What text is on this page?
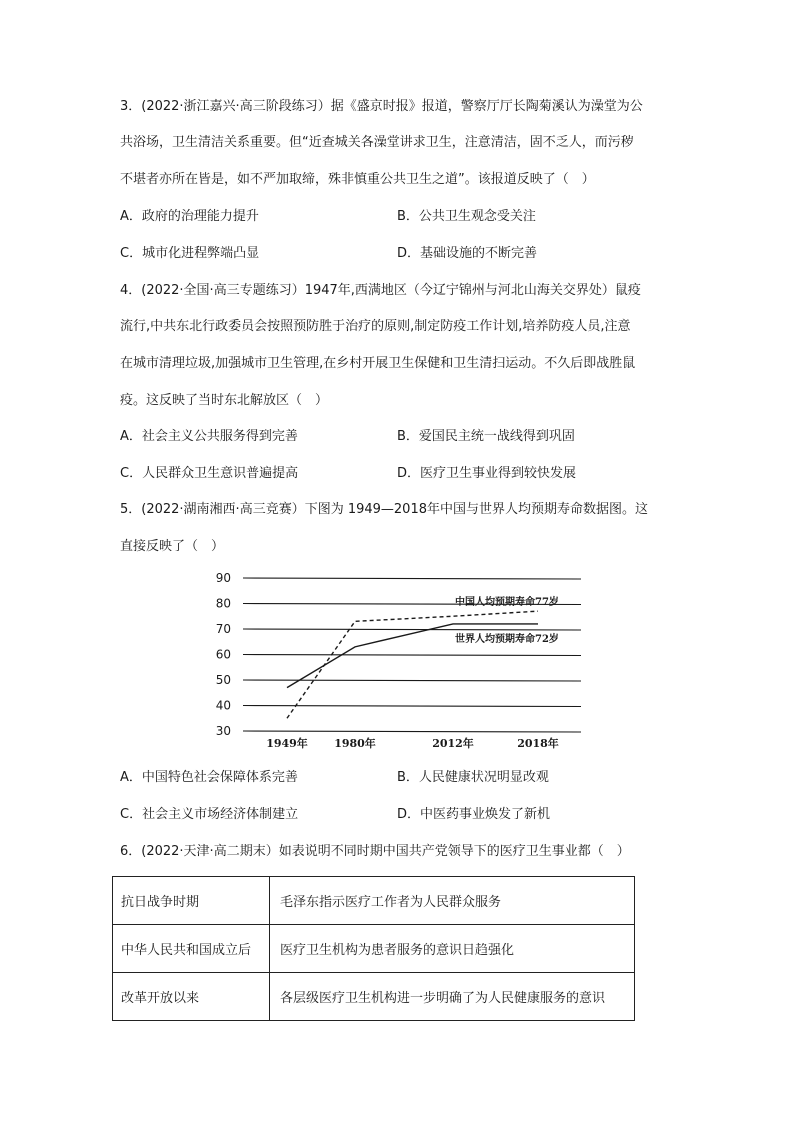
3．(2022·浙江嘉兴·高三阶段练习）据《盛京时报》报道，警察厅厅长陶菊溪认为澡堂为公
共浴场，卫生清洁关系重要。但“近查城关各澡堂讲求卫生，注意清洁，固不乏人，而污秽
不堪者亦所在皆是，如不严加取缔，殊非慎重公共卫生之道”。该报道反映了（　）
A．政府的治理能力提升	B．公共卫生观念受关注
C．城市化进程弊端凸显	D．基础设施的不断完善
4．(2022·全国·高三专题练习）1947年,西满地区（今辽宁锦州与河北山海关交界处）鼠疫
流行,中共东北行政委员会按照预防胜于治疗的原则,制定防疫工作计划,培养防疫人员,注意
在城市清理垃圾,加强城市卫生管理,在乡村开展卫生保健和卫生清扫运动。不久后即战胜鼠
疫。这反映了当时东北解放区（　）
A．社会主义公共服务得到完善	B．爱国民主统一战线得到巩固
C．人民群众卫生意识普遍提高	D．医疗卫生事业得到较快发展
5．(2022·湖南湘西·高三竞赛）下图为 1949—2018年中国与世界人均预期寿命数据图。这
直接反映了（　）
90
80
70
60
50
40
30
1949年 1980年	2012年	2018年
中国人均预期寿命77岁
世界人均预期寿命72岁
A．中国特色社会保障体系完善	B．人民健康状况明显改观
C．社会主义市场经济体制建立	D．中医药事业焕发了新机
6．(2022·天津·高二期末）如表说明不同时期中国共产党领导下的医疗卫生事业都（　）
抗日战争时期	毛泽东指示医疗工作者为人民群众服务
中华人民共和国成立后	医疗卫生机构为患者服务的意识日趋强化
改革开放以来	各层级医疗卫生机构进一步明确了为人民健康服务的意识
